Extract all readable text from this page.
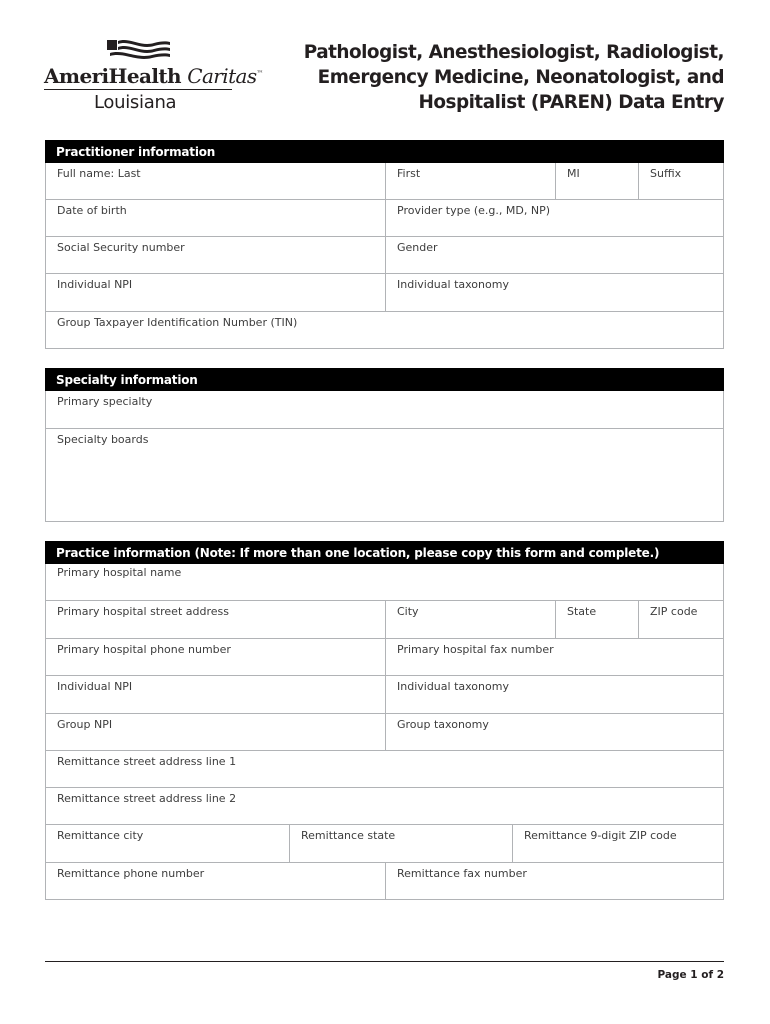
AmeriHealth Caritas™
Louisiana
Pathologist, Anesthesiologist, Radiologist,
Emergency Medicine, Neonatologist, and
Hospitalist (PAREN) Data Entry
Practitioner information
Full name: Last	First	MI	Suffix
Date of birth	Provider type (e.g., MD, NP)
Social Security number	Gender
Individual NPI	Individual taxonomy
Group Taxpayer Identification Number (TIN)
Specialty information
Primary specialty
Specialty boards
Practice information (Note: If more than one location, please copy this form and complete.)
Primary hospital name
Primary hospital street address	City	State	ZIP code
Primary hospital phone number	Primary hospital fax number
Individual NPI	Individual taxonomy
Group NPI	Group taxonomy
Remittance street address line 1
Remittance street address line 2
Remittance city	Remittance state	Remittance 9-digit ZIP code
Remittance phone number	Remittance fax number
Page 1 of 2
